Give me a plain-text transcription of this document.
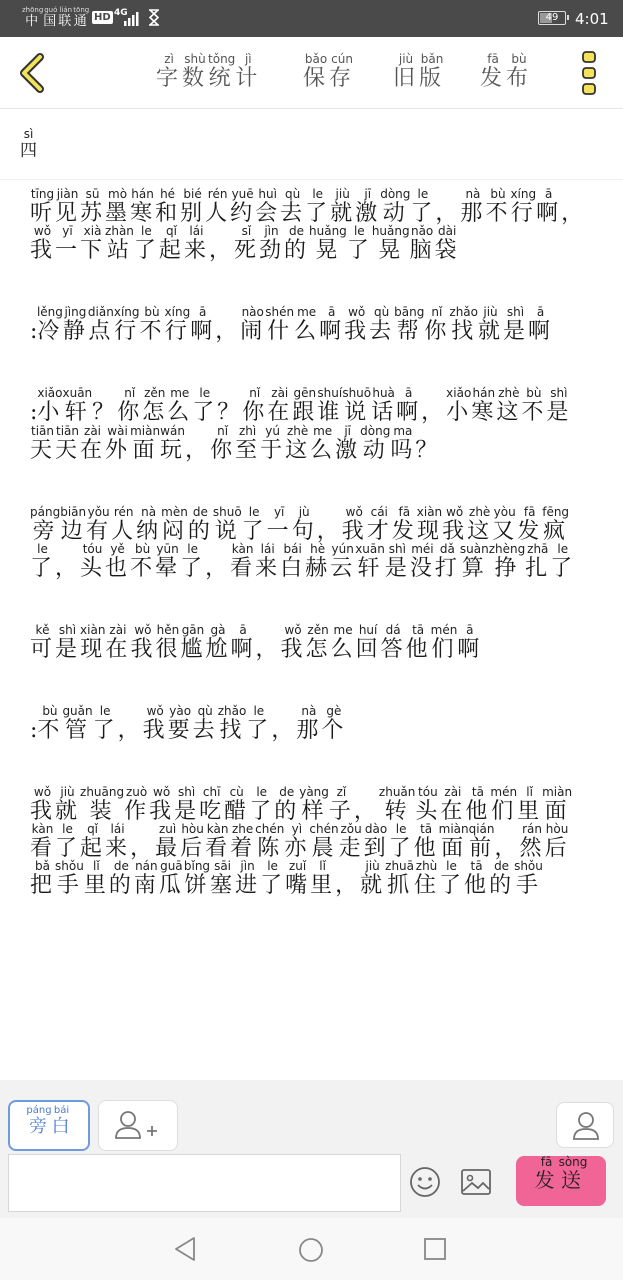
中zhōng国guó联lián通tōng
HD 4G	49	4:01
字zì数shù统tǒng计jì
保bǎo存cún
旧jiù版bǎn
发fā布bù
四sì
听tīng见jiàn苏sū墨mò寒hán和hé别bié人rén约yuē会huì去qù了le就jiù激jī动dòng了le， 那nà不bù行xíng啊ā， 我wǒ一yī下xià站zhàn了le起qǐ来lái， 死sǐ劲jìn的de晃huǎng了le晃huǎng脑nǎo袋dài
:冷lěng静jìng点diǎn行xíng不bù行xíng啊ā， 闹nào什shén么me啊ā我wǒ去qù帮bāng你nǐ找zhǎo就jiù是shì啊ā
:小xiǎo轩xuān？ 你nǐ怎zěn么me了le？ 你nǐ在zài跟gēn谁shuí说shuō话huà啊ā， 小xiǎo寒hán这zhè不bù是shì天tiān天tiān在zài外wài面miàn玩wán， 你nǐ至zhì于yú这zhè么me激jī动dòng吗ma？
旁páng边biān有yǒu人rén纳nà闷mèn的de说shuō了le一yī句jù， 我wǒ才cái发fā现xiàn我wǒ这zhè又yòu发fā疯fēng了le， 头tóu也yě不bù晕yūn了le， 看kàn来lái白bái赫hè云yún轩xuān是shì没méi打dǎ算suàn挣zhèng扎zhā了le
可kě是shì现xiàn在zài我wǒ很hěn尴gān尬gà啊ā， 我wǒ怎zěn么me回huí答dá他tā们mén啊ā
:不bù管guǎn了le， 我wǒ要yào去qù找zhǎo了le， 那nà个gè
我wǒ就jiù装zhuāng作zuò我wǒ是shì吃chī醋cù了le的de样yàng子zǐ， 转zhuǎn头tóu在zài他tā们mén里lǐ面miàn看kàn了le起qǐ来lái， 最zuì后hòu看kàn着zhe陈chén亦yì晨chén走zǒu到dào了le他tā面miàn前qián， 然rán后hòu把bǎ手shǒu里lǐ的de南nán瓜guā饼bǐng塞sāi进jìn了le嘴zuǐ里lǐ， 就jiù抓zhuā住zhù了le他tā的de手shǒu
旁páng白bái
发fā送sòng
